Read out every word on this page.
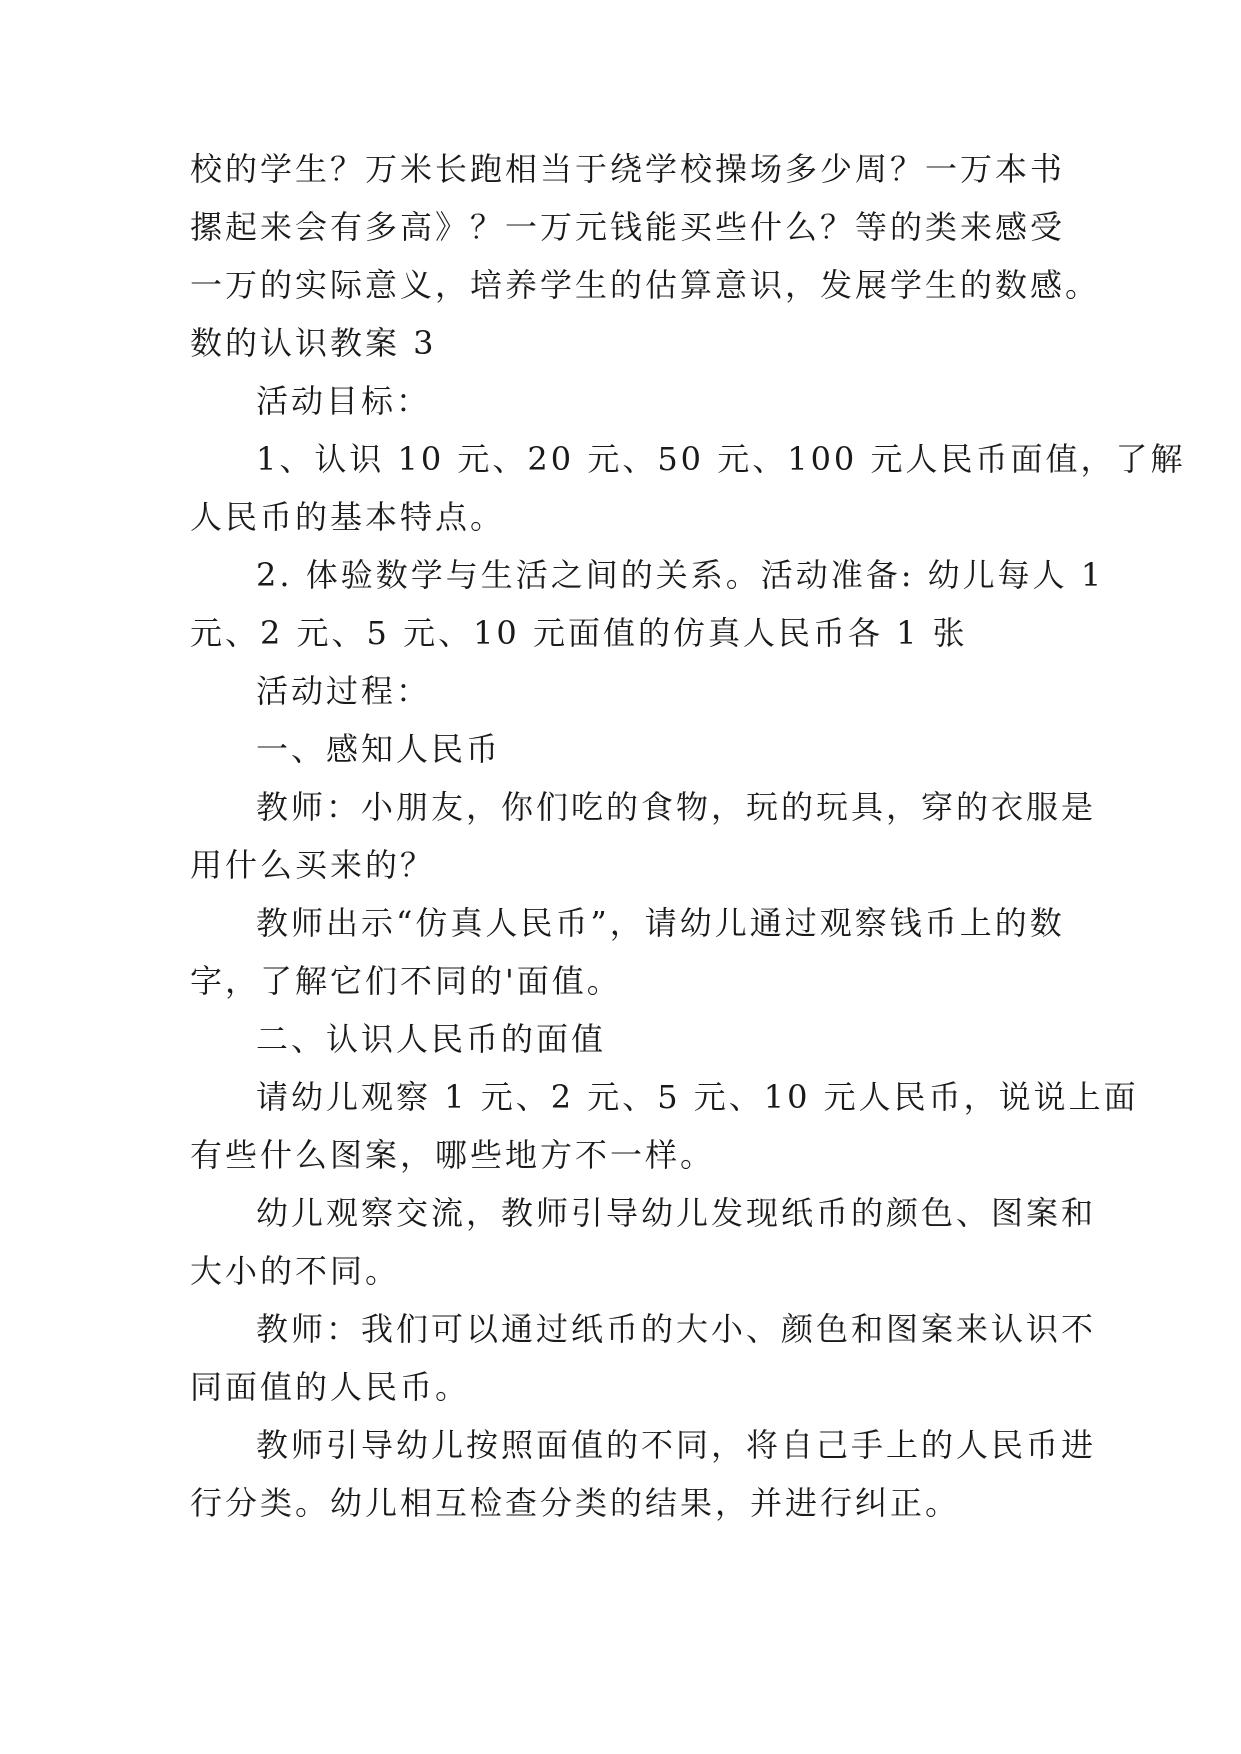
校的学生？万米长跑相当于绕学校操场多少周？一万本书
摞起来会有多高》？一万元钱能买些什么？等的类来感受
一万的实际意义，培养学生的估算意识，发展学生的数感。
数的认识教案 3
活动目标：
1、认识 10 元、20 元、50 元、100 元人民币面值，了解
人民币的基本特点。
2. 体验数学与生活之间的关系。活动准备: 幼儿每人 1
元、2 元、5 元、10 元面值的仿真人民币各 1 张
活动过程：
一、感知人民币
教师：小朋友，你们吃的食物，玩的玩具，穿的衣服是
用什么买来的？
教师出示“仿真人民币”，请幼儿通过观察钱币上的数
字，了解它们不同的'面值。
二、认识人民币的面值
请幼儿观察 1 元、2 元、5 元、10 元人民币，说说上面
有些什么图案，哪些地方不一样。
幼儿观察交流，教师引导幼儿发现纸币的颜色、图案和
大小的不同。
教师：我们可以通过纸币的大小、颜色和图案来认识不
同面值的人民币。
教师引导幼儿按照面值的不同，将自己手上的人民币进
行分类。幼儿相互检查分类的结果，并进行纠正。
